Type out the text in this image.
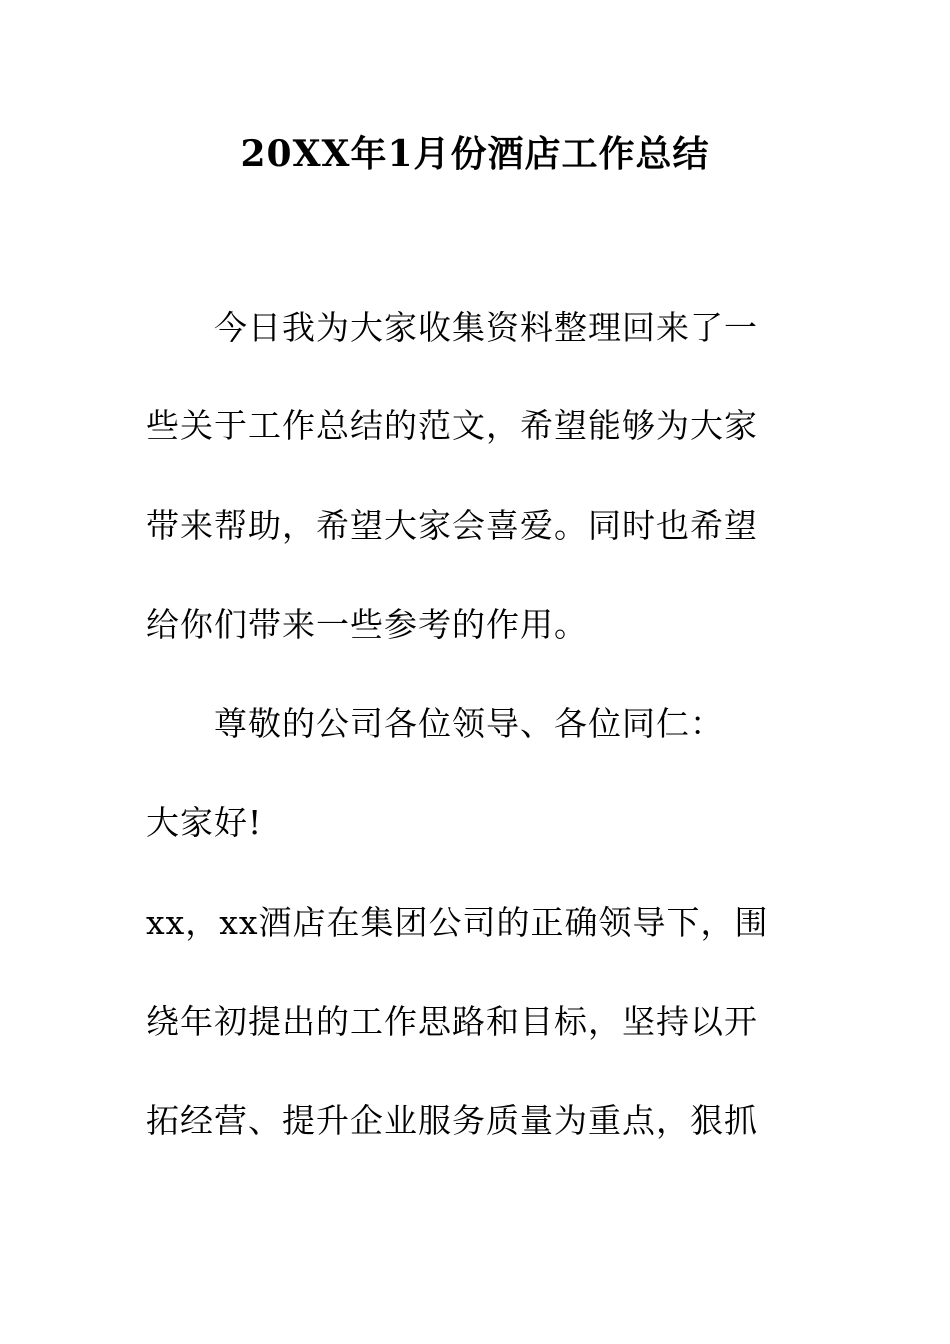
20XX年1月份酒店工作总结
今日我为大家收集资料整理回来了一
些关于工作总结的范文，希望能够为大家
带来帮助，希望大家会喜爱。同时也希望
给你们带来一些参考的作用。
尊敬的公司各位领导、各位同仁：
大家好!
xx，xx酒店在集团公司的正确领导下，围
绕年初提出的工作思路和目标，坚持以开
拓经营、提升企业服务质量为重点，狠抓
